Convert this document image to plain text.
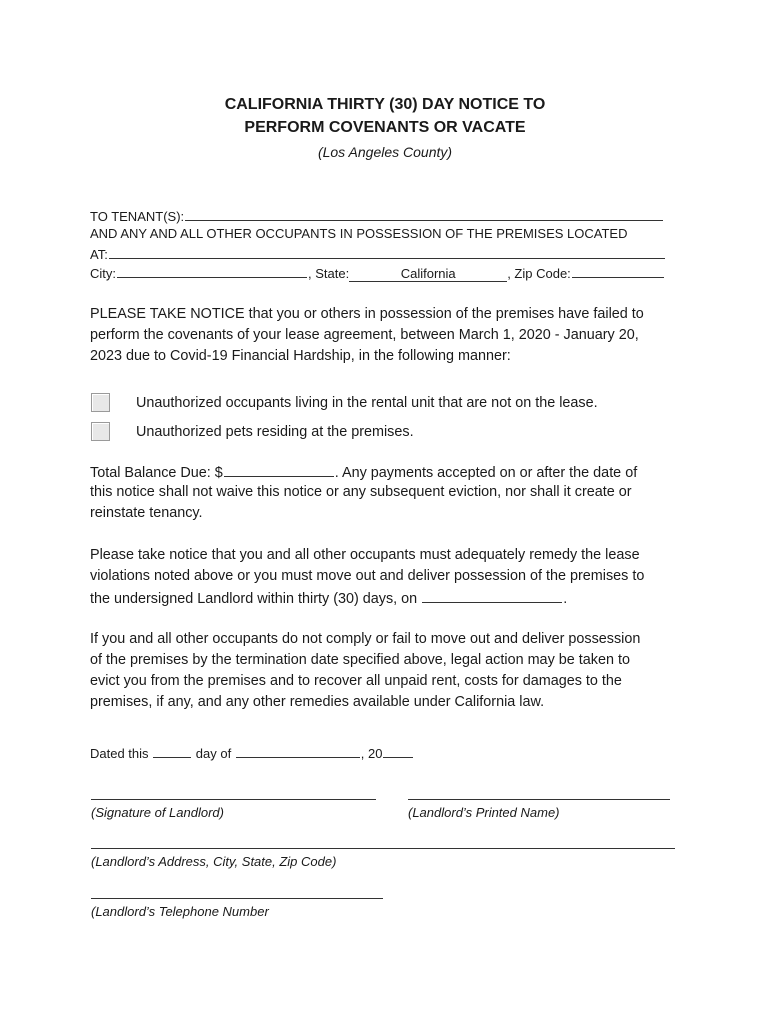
CALIFORNIA THIRTY (30) DAY NOTICE TO
PERFORM COVENANTS OR VACATE
(Los Angeles County)
TO TENANT(S):
AND ANY AND ALL OTHER OCCUPANTS IN POSSESSION OF THE PREMISES LOCATED
AT:
City:	, State:	California	, Zip Code:
PLEASE TAKE NOTICE that you or others in possession of the premises have failed to
perform the covenants of your lease agreement, between March 1, 2020 - January 20,
2023 due to Covid-19 Financial Hardship, in the following manner:
Unauthorized occupants living in the rental unit that are not on the lease.
Unauthorized pets residing at the premises.
Total Balance Due: $	. Any payments accepted on or after the date of
this notice shall not waive this notice or any subsequent eviction, nor shall it create or
reinstate tenancy.
Please take notice that you and all other occupants must adequately remedy the lease
violations noted above or you must move out and deliver possession of the premises to
the undersigned Landlord within thirty (30) days, on	.
If you and all other occupants do not comply or fail to move out and deliver possession
of the premises by the termination date specified above, legal action may be taken to
evict you from the premises and to recover all unpaid rent, costs for damages to the
premises, if any, and any other remedies available under California law.
Dated this	day of	, 20
(Signature of Landlord)	(Landlord’s Printed Name)
(Landlord’s Address, City, State, Zip Code)
(Landlord’s Telephone Number
